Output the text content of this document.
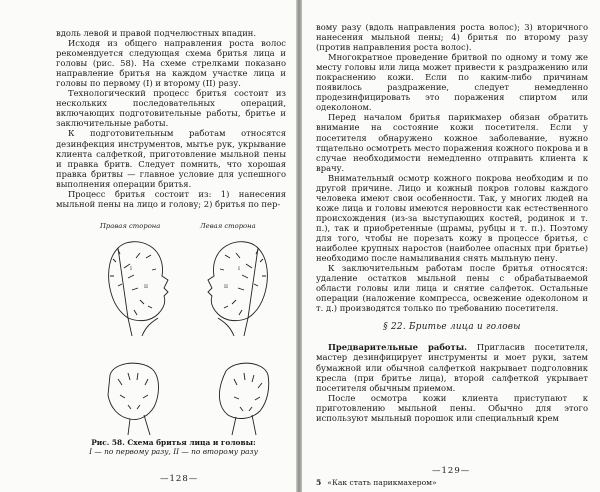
вдоль левой и правой подчелюстных впадин.

Исходя из общего направления роста волос рекомендуется следующая схема бритья лица и головы (рис. 58). На схеме стрелками показано направление бритья на каждом участке лица и головы по первому (I) и второму (II) разу.

Технологический процесс бритья состоит из нескольких последовательных операций, включающих подготовительные работы, бритье и заключительные работы.

К подготовительным работам относятся дезинфекция инструментов, мытье рук, укрывание клиента салфеткой, приготовление мыльной пены и правка бритв. Следует помнить, что хорошая правка бритвы — главное условие для успешного выполнения операции бритья.

Процесс бритья состоит из: 1) нанесения мыльной пены на лицо и голову; 2) бритья по пер-

Правая сторона	Левая сторона
I
II
I
II
Рис. 58. Схема бритья лица и головы:
I — по первому разу, II — по второму разу
—128—

вому разу (вдоль направления роста волос); 3) вторичного нанесения мыльной пены; 4) бритья по второму разу (против направления роста волос).

Многократное проведение бритвой по одному и тому же месту головы или лица может привести к раздражению или покраснению кожи. Если по каким-либо причинам появилось раздражение, следует немедленно продезинфицировать это поражения спиртом или одеколоном.

Перед началом бритья парикмахер обязан обратить внимание на состояние кожи посетителя. Если у посетителя обнаружено кожное заболевание, нужно тщательно осмотреть место поражения кожного покрова и в случае необходимости немедленно отправить клиента к врачу.

Внимательный осмотр кожного покрова необходим и по другой причине. Лицо и кожный покров головы каждого человека имеют свои особенности. Так, у многих людей на коже лица и головы имеются неровности как естественного происхождения (из-за выступающих костей, родинок и т. п.), так и приобретенные (шрамы, рубцы и т. п.). Поэтому для того, чтобы не порезать кожу в процессе бритья, с наиболее крупных наростов (наиболее опасных при бритье) необходимо после намыливания снять мыльную пену.

К заключительным работам после бритья относятся: удаление остатков мыльной пены с обрабатываемой области головы или лица и снятие салфеток. Остальные операции (наложение компресса, освежение одеколоном и т. д.) производятся только по требованию посетителя.

§ 22. Бритье лица и головы

Предварительные работы. Пригласив посетителя, мастер дезинфицирует инструменты и моет руки, затем бумажной или обычной салфеткой накрывает подголовник кресла (при бритье лица), второй салфеткой укрывает посетителя обычным приемом.

После осмотра кожи клиента приступают к приготовлению мыльной пены. Обычно для этого используют мыльный порошок или специальный крем

—129—
5 «Как стать парикмахером»
